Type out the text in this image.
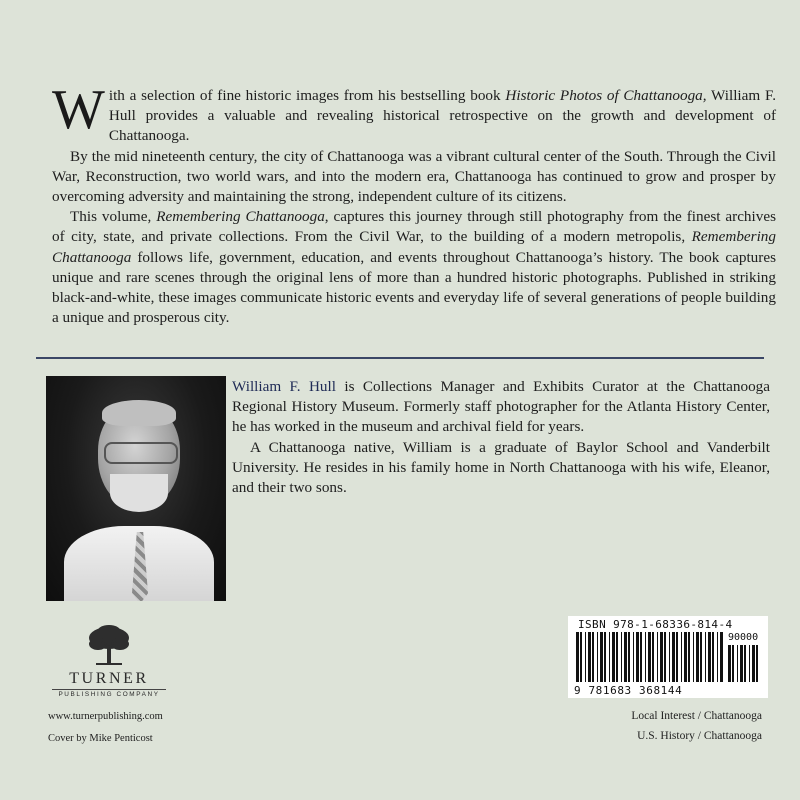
With a selection of fine historic images from his bestselling book Historic Photos of Chattanooga, William F. Hull provides a valuable and revealing historical retrospective on the growth and development of Chattanooga.

By the mid nineteenth century, the city of Chattanooga was a vibrant cultural center of the South. Through the Civil War, Reconstruction, two world wars, and into the modern era, Chattanooga has continued to grow and prosper by overcoming adversity and maintaining the strong, independent culture of its citizens.

This volume, Remembering Chattanooga, captures this journey through still photography from the finest archives of city, state, and private collections. From the Civil War, to the building of a modern metropolis, Remembering Chattanooga follows life, government, education, and events throughout Chattanooga’s history. The book captures unique and rare scenes through the original lens of more than a hundred historic photographs. Published in striking black-and-white, these images communicate historic events and everyday life of several generations of people building a unique and prosperous city.

William F. Hull is Collections Manager and Exhibits Curator at the Chattanooga Regional History Museum. Formerly staff photographer for the Atlanta History Center, he has worked in the museum and archival field for years.

A Chattanooga native, William is a graduate of Baylor School and Vanderbilt University. He resides in his family home in North Chattanooga with his wife, Eleanor, and their two sons.

TURNER
PUBLISHING COMPANY
www.turnerpublishing.com
Cover by Mike Penticost
ISBN 978-1-68336-814-4
90000
9 781683 368144
Local Interest / Chattanooga
U.S. History / Chattanooga
